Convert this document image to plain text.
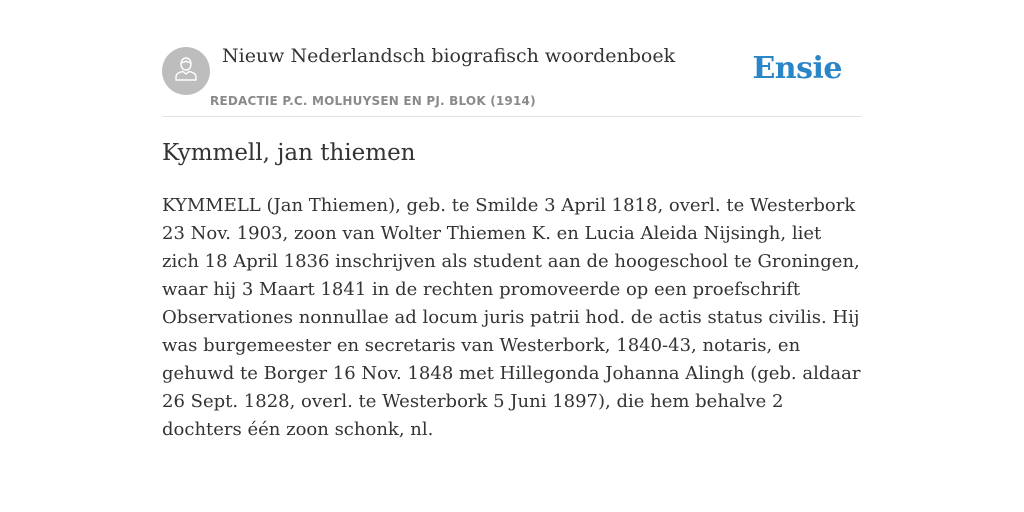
Nieuw Nederlandsch biografisch woordenboek
REDACTIE P.C. MOLHUYSEN EN PJ. BLOK (1914)
Ensie
Kymmell, jan thiemen

KYMMELL (Jan Thiemen), geb. te Smilde 3 April 1818, overl. te Westerbork 23 Nov. 1903, zoon van Wolter Thiemen K. en Lucia Aleida Nijsingh, liet zich 18 April 1836 inschrijven als student aan de hoogeschool te Groningen, waar hij 3 Maart 1841 in de rechten promoveerde op een proefschrift Observationes nonnullae ad locum juris patrii hod. de actis status civilis. Hij was burgemeester en secretaris van Westerbork, 1840-43, notaris, en gehuwd te Borger 16 Nov. 1848 met Hillegonda Johanna Alingh (geb. aldaar 26 Sept. 1828, overl. te Westerbork 5 Juni 1897), die hem behalve 2 dochters één zoon schonk, nl.
